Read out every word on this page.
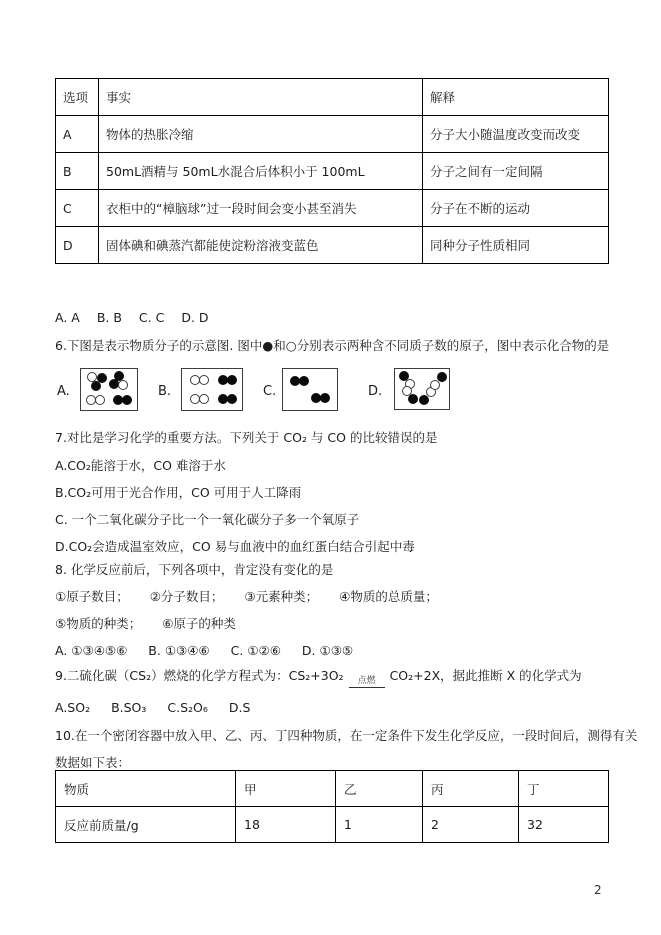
选项	事实	解释
A	物体的热胀冷缩	分子大小随温度改变而改变
B	50mL酒精与 50mL水混合后体积小于 100mL	分子之间有一定间隔
C	衣柜中的“樟脑球”过一段时间会变小甚至消失	分子在不断的运动
D	固体碘和碘蒸汽都能使淀粉溶液变蓝色	同种分子性质相同
A. A B. B C. C D. D
6.下图是表示物质分子的示意图. 图中●和○分别表示两种含不同质子数的原子，图中表示化合物的是
A.	B.	C.	D.
7.对比是学习化学的重要方法。下列关于 CO₂ 与 CO 的比较错误的是
A.CO₂能溶于水，CO 难溶于水
B.CO₂可用于光合作用，CO 可用于人工降雨
C. 一个二氧化碳分子比一个一氧化碳分子多一个氧原子
D.CO₂会造成温室效应，CO 易与血液中的血红蛋白结合引起中毒
8. 化学反应前后，下列各项中，肯定没有变化的是
①原子数目； ②分子数目； ③元素种类； ④物质的总质量；
⑤物质的种类； ⑥原子的种类
A. ①③④⑤⑥ B. ①③④⑥ C. ①②⑥ D. ①③⑤
9.二硫化碳（CS₂）燃烧的化学方程式为：CS₂+3O₂	点燃	CO₂+2X，据此推断 X 的化学式为
A.SO₂ B.SO₃ C.S₂O₆ D.S
10.在一个密闭容器中放入甲、乙、丙、丁四种物质，在一定条件下发生化学反应，一段时间后，测得有关
数据如下表：
物质	甲	乙	丙	丁
反应前质量/g	18	1	2	32
2
